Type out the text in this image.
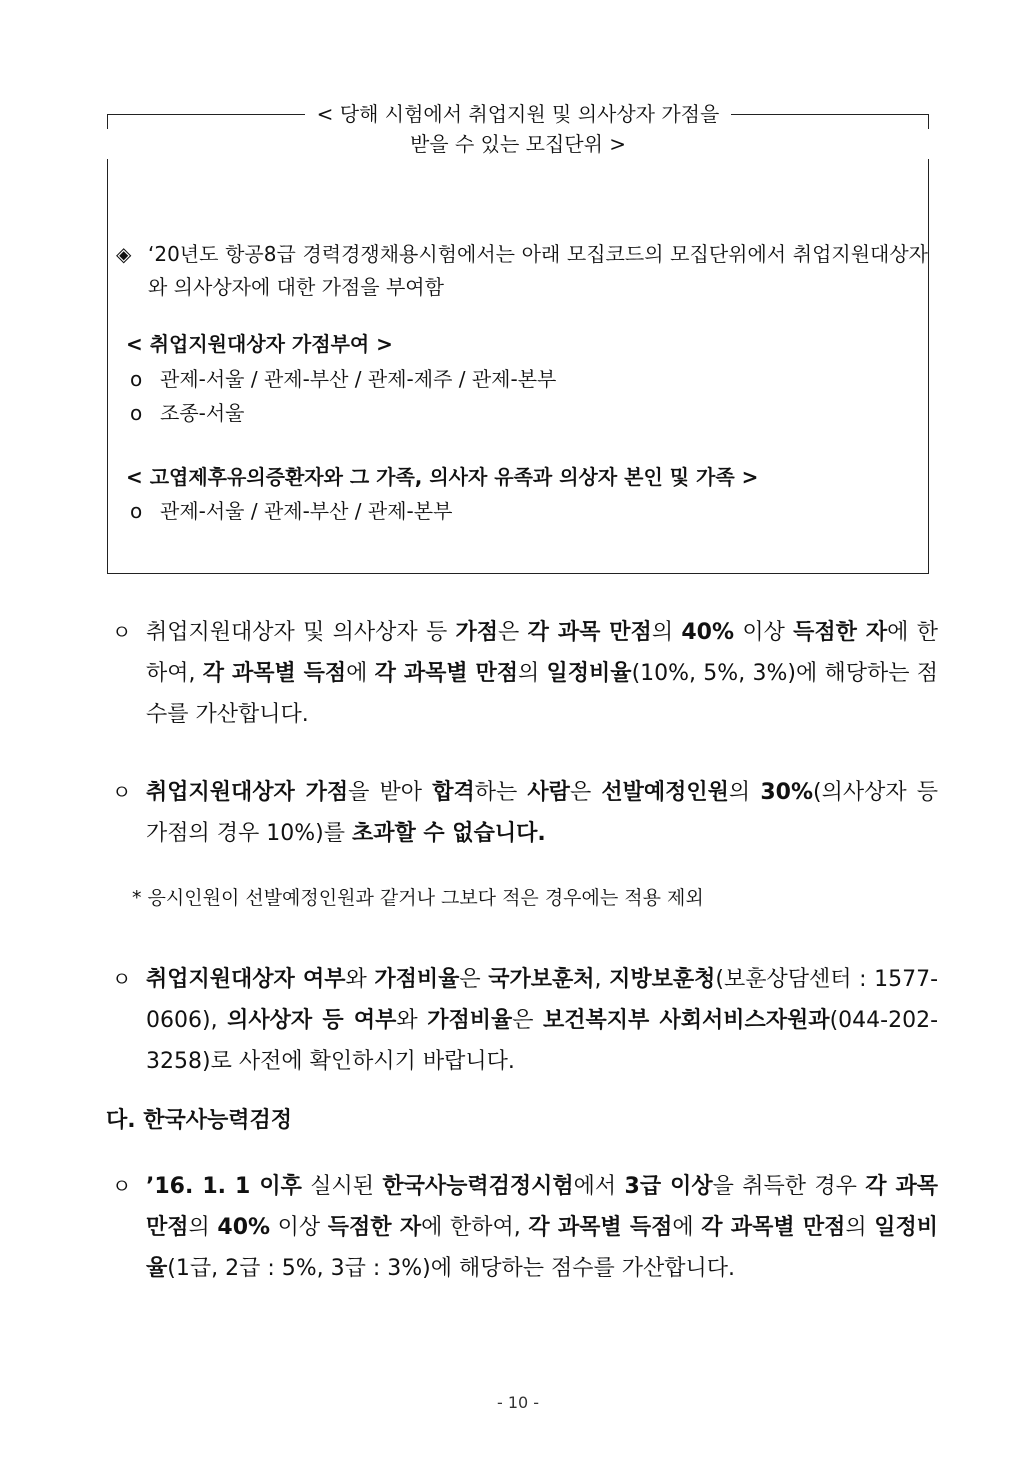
< 당해 시험에서 취업지원 및 의사상자 가점을
받을 수 있는 모집단위 >
◈ ‘20년도 항공8급 경력경쟁채용시험에서는 아래 모집코드의 모집단위에서 취업지원대상자와 의사상자에 대한 가점을 부여함
< 취업지원대상자 가점부여 >
o 관제-서울 / 관제-부산 / 관제-제주 / 관제-본부
o 조종-서울
< 고엽제후유의증환자와 그 가족, 의사자 유족과 의상자 본인 및 가족 >
o 관제-서울 / 관제-부산 / 관제-본부
ㅇ 취업지원대상자 및 의사상자 등 가점은 각 과목 만점의 40% 이상 득점한 자에 한하여, 각 과목별 득점에 각 과목별 만점의 일정비율(10%, 5%, 3%)에 해당하는 점수를 가산합니다.
ㅇ 취업지원대상자 가점을 받아 합격하는 사람은 선발예정인원의 30%(의사상자 등 가점의 경우 10%)를 초과할 수 없습니다.
* 응시인원이 선발예정인원과 같거나 그보다 적은 경우에는 적용 제외
ㅇ 취업지원대상자 여부와 가점비율은 국가보훈처, 지방보훈청(보훈상담센터 : 1577-0606), 의사상자 등 여부와 가점비율은 보건복지부 사회서비스자원과(044-202-3258)로 사전에 확인하시기 바랍니다.
다. 한국사능력검정
ㅇ ’16. 1. 1 이후 실시된 한국사능력검정시험에서 3급 이상을 취득한 경우 각 과목 만점의 40% 이상 득점한 자에 한하여, 각 과목별 득점에 각 과목별 만점의 일정비율(1급, 2급 : 5%, 3급 : 3%)에 해당하는 점수를 가산합니다.
- 10 -
